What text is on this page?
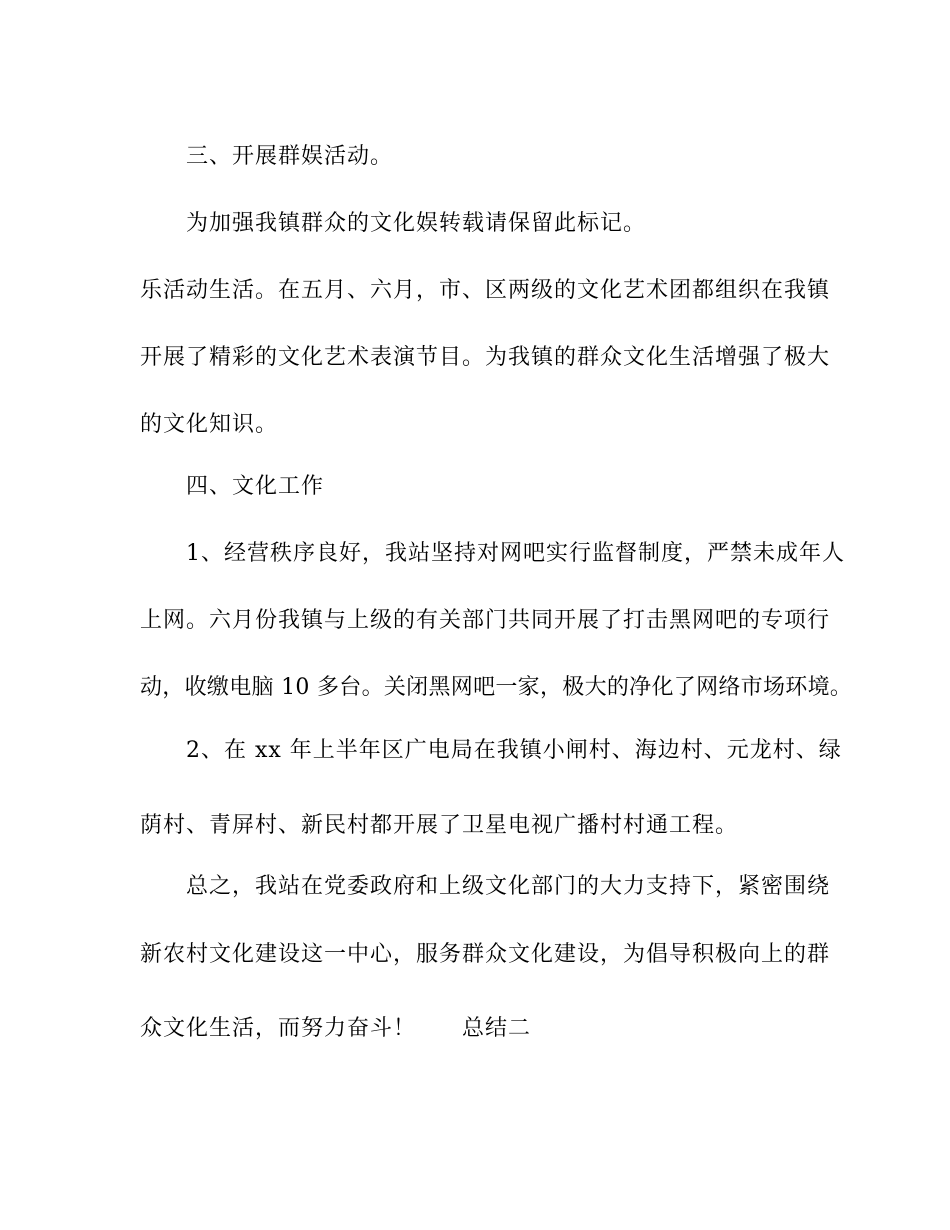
三、开展群娱活动。
为加强我镇群众的文化娱转载请保留此标记。
乐活动生活。在五月、六月，市、区两级的文化艺术团都组织在我镇
开展了精彩的文化艺术表演节目。为我镇的群众文化生活增强了极大
的文化知识。
四、文化工作
1、经营秩序良好，我站坚持对网吧实行监督制度，严禁未成年人
上网。六月份我镇与上级的有关部门共同开展了打击黑网吧的专项行
动，收缴电脑 10 多台。关闭黑网吧一家，极大的净化了网络市场环境。
2、在 xx 年上半年区广电局在我镇小闸村、海边村、元龙村、绿
荫村、青屏村、新民村都开展了卫星电视广播村村通工程。
总之，我站在党委政府和上级文化部门的大力支持下，紧密围绕
新农村文化建设这一中心，服务群众文化建设，为倡导积极向上的群
众文化生活，而努力奋斗！　　总结二
